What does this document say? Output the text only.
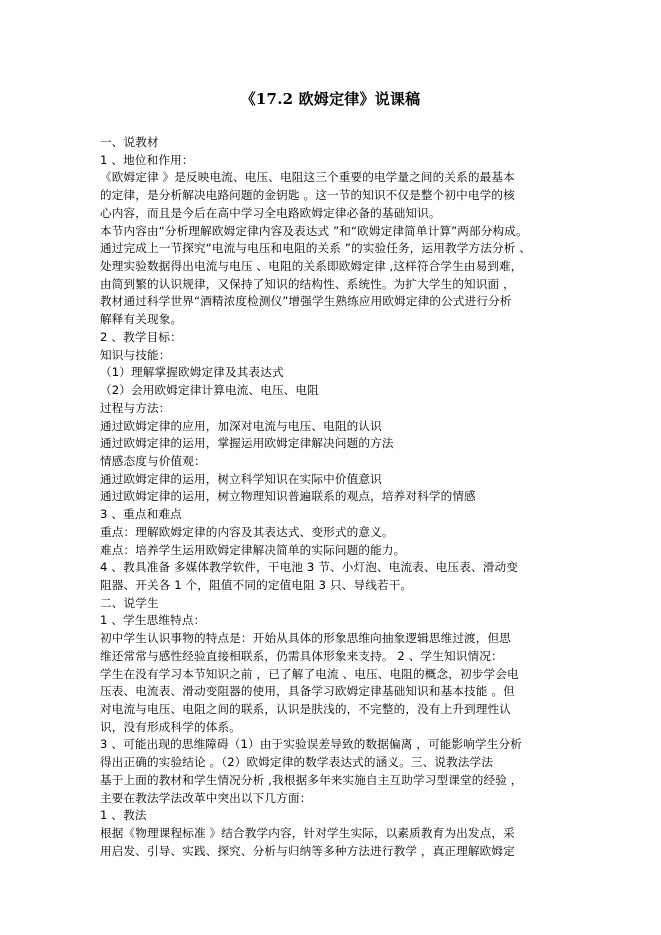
《17.2 欧姆定律》说课稿
一、说教材
1 、地位和作用：
《欧姆定律 》是反映电流、电压、电阻这三个重要的电学量之间的关系的最基本
的定律，是分析解决电路问题的金钥匙 。这一节的知识不仅是整个初中电学的核
心内容，而且是今后在高中学习全电路欧姆定律必备的基础知识。
本节内容由“分析理解欧姆定律内容及表达式 ”和“欧姆定律简单计算”两部分构成。
通过完成上一节探究“电流与电压和电阻的关系 ”的实验任务，运用教学方法分析 、
处理实验数据得出电流与电压 、电阻的关系即欧姆定律 ,这样符合学生由易到难，
由简到繁的认识规律，又保持了知识的结构性、系统性。为扩大学生的知识面 ，
教材通过科学世界“酒精浓度检测仪”增强学生熟练应用欧姆定律的公式进行分析
解释有关现象。
2 、教学目标：
知识与技能：
（1）理解掌握欧姆定律及其表达式
（2）会用欧姆定律计算电流、电压、电阻
过程与方法：
通过欧姆定律的应用，加深对电流与电压、电阻的认识
通过欧姆定律的运用，掌握运用欧姆定律解决问题的方法
情感态度与价值观：
通过欧姆定律的运用，树立科学知识在实际中价值意识
通过欧姆定律的运用，树立物理知识普遍联系的观点，培养对科学的情感
3 、重点和难点
重点：理解欧姆定律的内容及其表达式、变形式的意义。
难点：培养学生运用欧姆定律解决简单的实际问题的能力。
4 、教具准备 多媒体教学软件，干电池 3 节、小灯泡、电流表、电压表、滑动变
阻器、开关各 1 个，阻值不同的定值电阻 3 只、导线若干。
二、说学生
1 、学生思维特点：
初中学生认识事物的特点是：开始从具体的形象思维向抽象逻辑思维过渡，但思
维还常常与感性经验直接相联系，仍需具体形象来支持。 2 、学生知识情况：
学生在没有学习本节知识之前 ，已了解了电流 、电压、电阻的概念，初步学会电
压表、电流表、滑动变阻器的使用，具备学习欧姆定律基础知识和基本技能 。但
对电流与电压、电阻之间的联系，认识是肤浅的，不完整的，没有上升到理性认
识，没有形成科学的体系。
3 、可能出现的思维障碍（1）由于实验误差导致的数据偏离 ，可能影响学生分析
得出正确的实验结论 。（2）欧姆定律的数学表达式的涵义。三、说教法学法
基于上面的教材和学生情况分析 ,我根据多年来实施自主互助学习型课堂的经验 ，
主要在教法学法改革中突出以下几方面：
1 、教法
根据《物理课程标准 》结合教学内容，针对学生实际，以素质教育为出发点，采
用启发、引导、实践、探究、分析与归纳等多种方法进行教学 ，真正理解欧姆定
